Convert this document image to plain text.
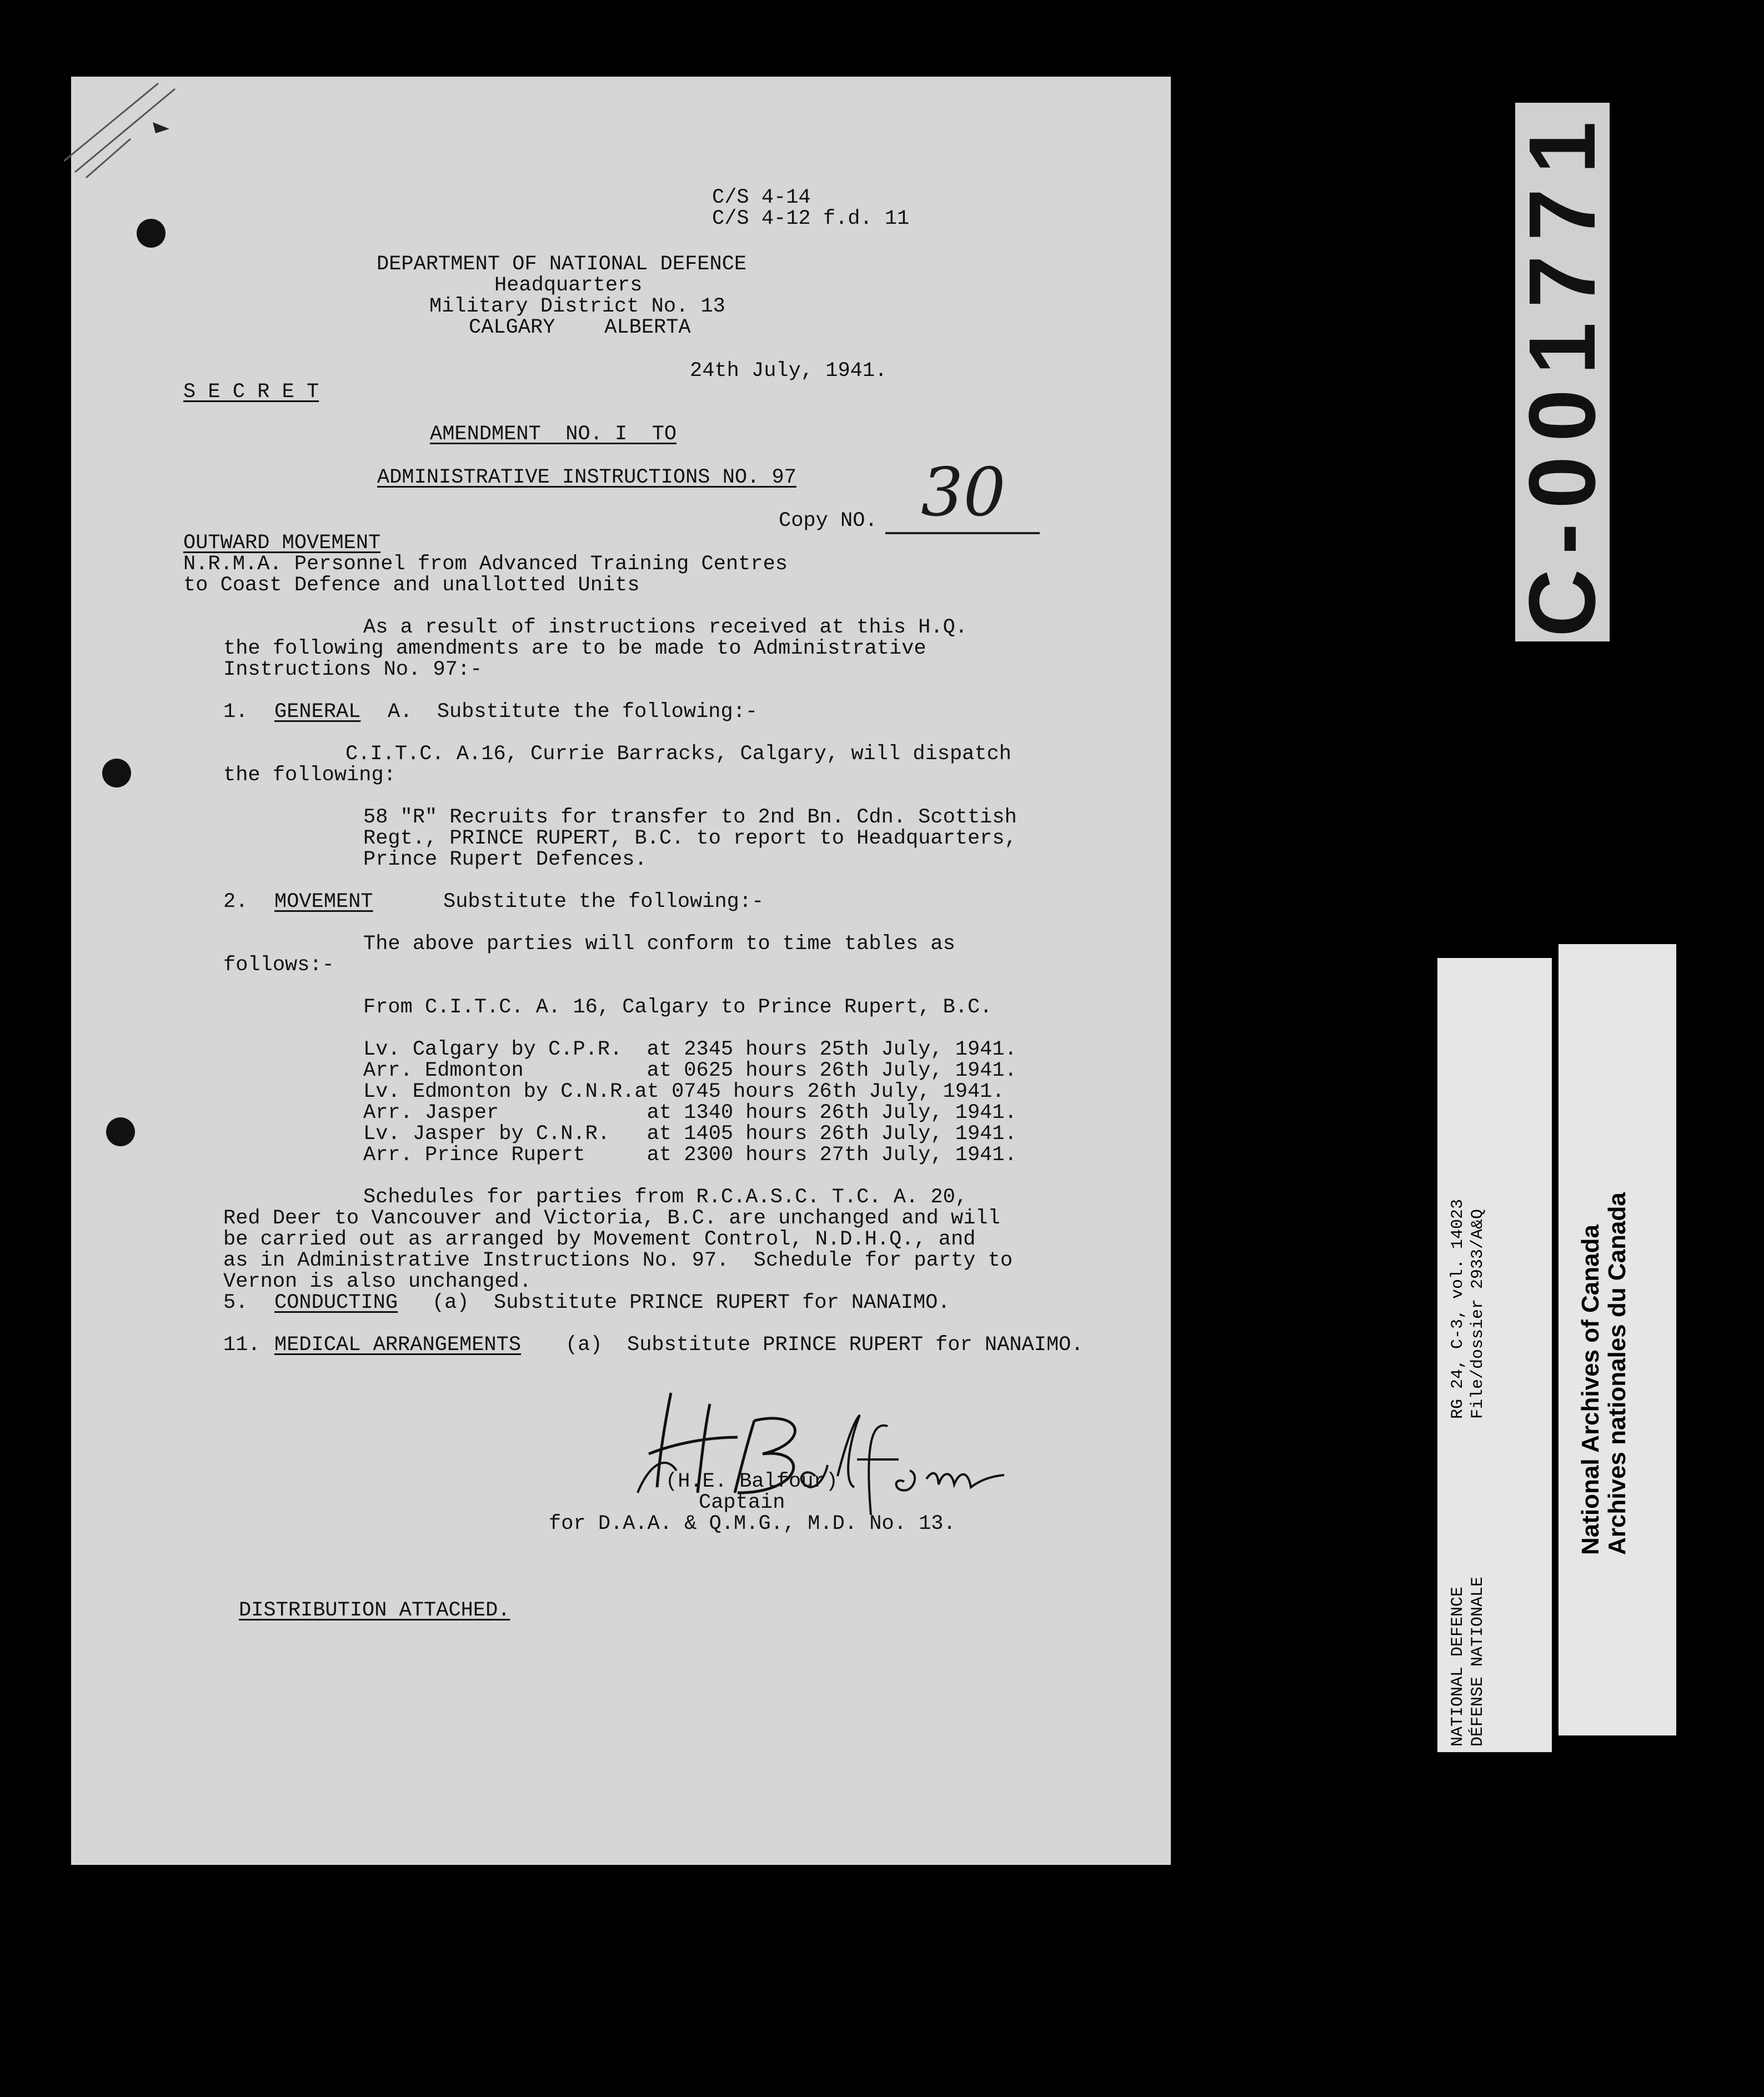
C/S 4-14
C/S 4-12 f.d. 11
DEPARTMENT OF NATIONAL DEFENCE
Headquarters
Military District No. 13
CALGARY    ALBERTA
24th July, 1941.
S E C R E T
AMENDMENT  NO. I  TO
ADMINISTRATIVE INSTRUCTIONS NO. 97
Copy NO. 30
OUTWARD MOVEMENT
N.R.M.A. Personnel from Advanced Training Centres
to Coast Defence and unallotted Units
As a result of instructions received at this H.Q.
the following amendments are to be made to Administrative
Instructions No. 97:-
1. GENERAL A.  Substitute the following:-
C.I.T.C. A.16, Currie Barracks, Calgary, will dispatch
the following:
58 "R" Recruits for transfer to 2nd Bn. Cdn. Scottish
Regt., PRINCE RUPERT, B.C. to report to Headquarters,
Prince Rupert Defences.
2. MOVEMENT	Substitute the following:-
The above parties will conform to time tables as
follows:-
From C.I.T.C. A. 16, Calgary to Prince Rupert, B.C.
Lv. Calgary by C.P.R.  at 2345 hours 25th July, 1941.
Arr. Edmonton          at 0625 hours 26th July, 1941.
Lv. Edmonton by C.N.R.at 0745 hours 26th July, 1941.
Arr. Jasper            at 1340 hours 26th July, 1941.
Lv. Jasper by C.N.R.   at 1405 hours 26th July, 1941.
Arr. Prince Rupert     at 2300 hours 27th July, 1941.
Schedules for parties from R.C.A.S.C. T.C. A. 20,
Red Deer to Vancouver and Victoria, B.C. are unchanged and will
be carried out as arranged by Movement Control, N.D.H.Q., and
as in Administrative Instructions No. 97.  Schedule for party to
Vernon is also unchanged.
5. CONDUCTING (a)  Substitute PRINCE RUPERT for NANAIMO.
11. MEDICAL ARRANGEMENTS (a)  Substitute PRINCE RUPERT for NANAIMO.
(H.E. Balfour)
Captain
for D.A.A. & Q.M.G., M.D. No. 13.
DISTRIBUTION ATTACHED.
C-001771
RG 24, C-3, vol. 14023 File/dossier 2933/A&Q
NATIONAL DEFENCE DÉFENSE NATIONALE
National Archives of Canada Archives nationales du Canada
